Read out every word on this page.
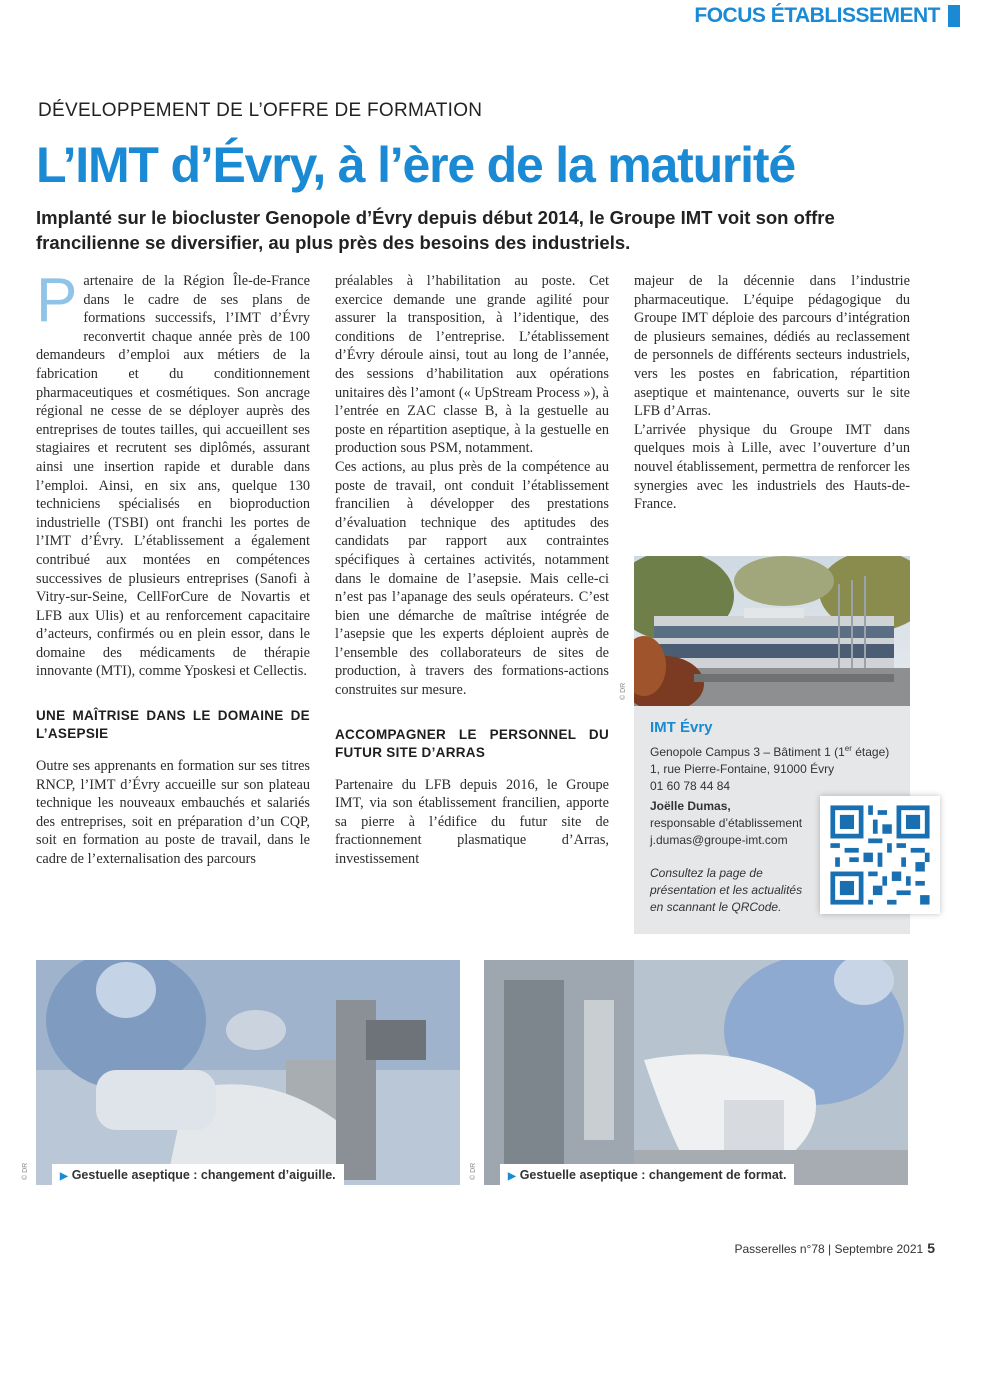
FOCUS ÉTABLISSEMENT
DÉVELOPPEMENT DE L’OFFRE DE FORMATION
L’IMT d’Évry, à l’ère de la maturité
Implanté sur le biocluster Genopole d’Évry depuis début 2014, le Groupe IMT voit son offre francilienne se diversifier, au plus près des besoins des industriels.

Partenaire de la Région Île-de-France dans le cadre de ses plans de formations successifs, l’IMT d’Évry reconvertit chaque année près de 100 demandeurs d’emploi aux métiers de la fabrication et du conditionnement pharmaceutiques et cosmétiques. Son ancrage régional ne cesse de se déployer auprès des entreprises de toutes tailles, qui accueillent ses stagiaires et recrutent ses diplômés, assurant ainsi une insertion rapide et durable dans l’emploi. Ainsi, en six ans, quelque 130 techniciens spécialisés en bioproduction industrielle (TSBI) ont franchi les portes de l’IMT d’Évry. L’établissement a également contribué aux montées en compétences successives de plusieurs entreprises (Sanofi à Vitry-sur-Seine, CellForCure de Novartis et LFB aux Ulis) et au renforcement capacitaire d’acteurs, confirmés ou en plein essor, dans le domaine des médicaments de thérapie innovante (MTI), comme Yposkesi et Cellectis.

UNE MAÎTRISE DANS LE DOMAINE DE L’ASEPSIE

Outre ses apprenants en formation sur ses titres RNCP, l’IMT d’Évry accueille sur son plateau technique les nouveaux embauchés et salariés des entreprises, soit en préparation d’un CQP, soit en formation au poste de travail, dans le cadre de l’externalisation des parcours

préalables à l’habilitation au poste. Cet exercice demande une grande agilité pour assurer la transposition, à l’identique, des conditions de l’entreprise. L’établissement d’Évry déroule ainsi, tout au long de l’année, des sessions d’habilitation aux opérations unitaires dès l’amont (« UpStream Process »), à l’entrée en ZAC classe B, à la gestuelle au poste en répartition aseptique, à la gestuelle en production sous PSM, notamment.

Ces actions, au plus près de la compétence au poste de travail, ont conduit l’établissement francilien à développer des prestations d’évaluation technique des aptitudes des candidats par rapport aux contraintes spécifiques à certaines activités, notamment dans le domaine de l’asepsie. Mais celle-ci n’est pas l’apanage des seuls opérateurs. C’est bien une démarche de maîtrise intégrée de l’asepsie que les experts déploient auprès de l’ensemble des collaborateurs de sites de production, à travers des formations-actions construites sur mesure.

ACCOMPAGNER LE PERSONNEL DU FUTUR SITE D’ARRAS

Partenaire du LFB depuis 2016, le Groupe IMT, via son établissement francilien, apporte sa pierre à l’édifice du futur site de fractionnement plasmatique d’Arras, investissement

majeur de la décennie dans l’industrie pharmaceutique. L’équipe pédagogique du Groupe IMT déploie des parcours d’intégration de plusieurs semaines, dédiés au reclassement de personnels de différents secteurs industriels, vers les postes en fabrication, répartition aseptique et maintenance, ouverts sur le site LFB d’Arras.

L’arrivée physique du Groupe IMT dans quelques mois à Lille, avec l’ouverture d’un nouvel établissement, permettra de renforcer les synergies avec les industriels des Hauts-de-France.

© DR
IMT Évry
Genopole Campus 3 – Bâtiment 1 (1er étage)
1, rue Pierre-Fontaine, 91000 Évry
01 60 78 44 84
Joëlle Dumas,
responsable d’établissement
j.dumas@groupe-imt.com
Consultez la page de présentation et les actualités en scannant le QRCode.
© DR	▶ Gestuelle aseptique : changement d’aiguille.	© DR	▶ Gestuelle aseptique : changement de format.
Passerelles n°78 | Septembre 2021 5
